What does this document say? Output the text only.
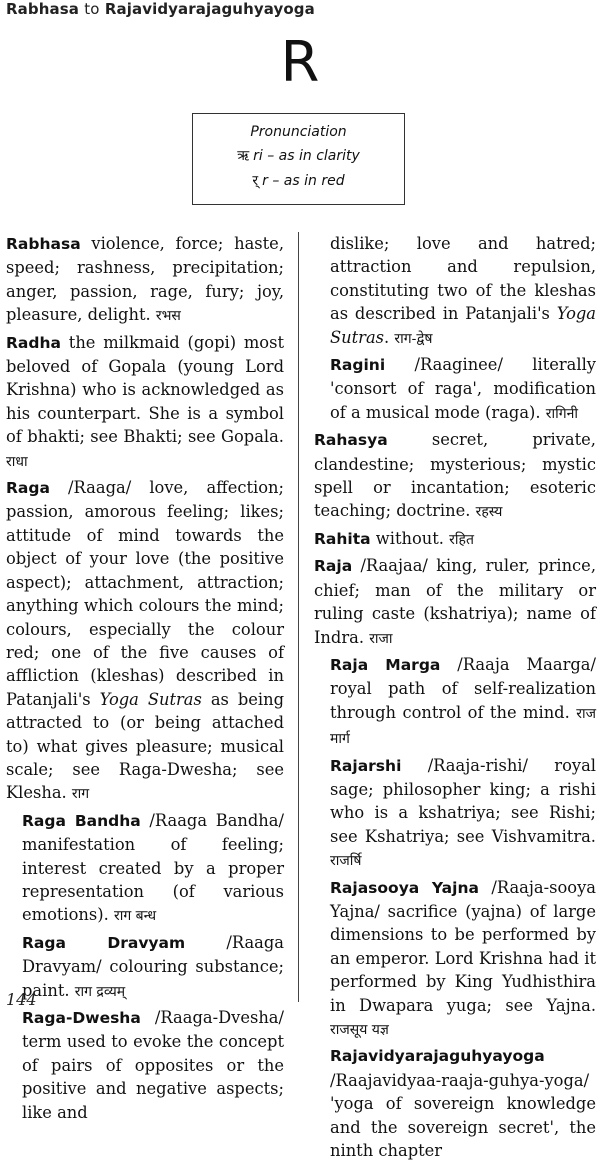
Rabhasa to Rajavidyarajaguhyayoga
R
Pronunciation
ऋ ri – as in clarity
र् r – as in red

Rabhasa violence, force; haste, speed; rashness, precipitation; anger, passion, rage, fury; joy, pleasure, delight. रभस

Radha the milkmaid (gopi) most beloved of Gopala (young Lord Krishna) who is acknowledged as his counterpart. She is a symbol of bhakti; see Bhakti; see Gopala. राधा

Raga /Raaga/ love, affection; passion, amorous feeling; likes; attitude of mind towards the object of your love (the positive aspect); attachment, attraction; anything which colours the mind; colours, especially the colour red; one of the five causes of affliction (kleshas) described in Patanjali's Yoga Sutras as being attracted to (or being attached to) what gives pleasure; musical scale; see Raga-Dwesha; see Klesha. राग

Raga Bandha /Raaga Bandha/ manifestation of feeling; interest created by a proper representation (of various emotions). राग बन्ध

Raga Dravyam /Raaga Dravyam/ colouring substance; paint. राग द्रव्यम्

Raga-Dwesha /Raaga-Dvesha/ term used to evoke the concept of pairs of opposites or the positive and negative aspects; like and

dislike; love and hatred; attraction and repulsion, constituting two of the kleshas as described in Patanjali's Yoga Sutras. राग-द्वेष

Ragini /Raaginee/ literally 'consort of raga', modification of a musical mode (raga). रागिनी

Rahasya secret, private, clandestine; mysterious; mystic spell or incantation; esoteric teaching; doctrine. रहस्य

Rahita without. रहित

Raja /Raajaa/ king, ruler, prince, chief; man of the military or ruling caste (kshatriya); name of Indra. राजा

Raja Marga /Raaja Maarga/ royal path of self-realization through control of the mind. राज मार्ग

Rajarshi /Raaja-rishi/ royal sage; philosopher king; a rishi who is a kshatriya; see Rishi; see Kshatriya; see Vishvamitra. राजर्षि

Rajasooya Yajna /Raaja-sooya Yajna/ sacrifice (yajna) of large dimensions to be performed by an emperor. Lord Krishna had it performed by King Yudhisthira in Dwapara yuga; see Yajna. राजसूय यज्ञ

Rajavidyarajaguhyayoga /Raajavidyaa-raaja-guhya-yoga/ 'yoga of sovereign knowledge and the sovereign secret', the ninth chapter

144
